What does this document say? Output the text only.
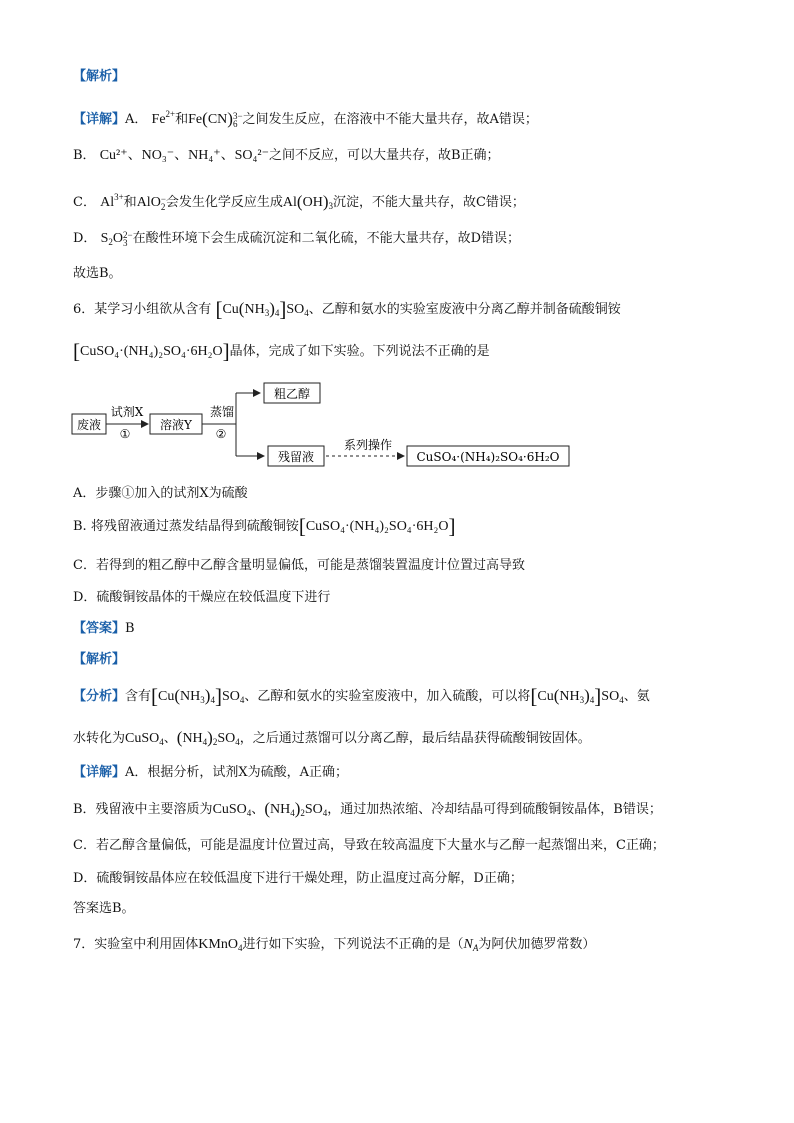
【解析】
【详解】A． $Fe^{2+}$和Fe(CN)3−
6 之间发生反应，在溶液中不能大量共存，故A错误；
B． Cu²⁺、NO₃⁻、NH₄⁺、SO₄²⁻之间不反应，可以大量共存，故B正确；
C． $Al^{3+}$和AlO−
2会发生化学反应生成$Al(OH)_3$沉淀，不能大量共存，故C错误；
D． $S_2O2-$
3 在酸性环境下会生成硫沉淀和二氧化硫，不能大量共存，故D错误；
故选B。
6．某学习小组欲从含有 $[Cu(NH_3)_4]SO_4$、乙醇和氨水的实验室废液中分离乙醇并制备硫酸铜铵
[CuSO₄·(NH₄)₂SO₄·6H₂O]晶体，完成了如下实验。下列说法不正确的是
废液
试剂X
①
溶液Y
蒸馏
②
粗乙醇
残留液
系列操作
CuSO₄·(NH₄)₂SO₄·6H₂O
A．步骤①加入的试剂X为硫酸
B. 将残留液通过蒸发结晶得到硫酸铜铵[CuSO₄·(NH₄)₂SO₄·6H₂O]
C．若得到的粗乙醇中乙醇含量明显偏低，可能是蒸馏装置温度计位置过高导致
D．硫酸铜铵晶体的干燥应在较低温度下进行
【答案】B
【解析】
【分析】含有$[Cu(NH_3)_4]SO_4$、乙醇和氨水的实验室废液中，加入硫酸，可以将$[Cu(NH_3)_4]SO_4$、氨
水转化为CuSO$_4$、$(NH_4)_2SO_4$，之后通过蒸馏可以分离乙醇，最后结晶获得硫酸铜铵固体。
【详解】A．根据分析，试剂X为硫酸，A正确；
B．残留液中主要溶质为CuSO$_4$、$(NH_4)_2SO_4$，通过加热浓缩、冷却结晶可得到硫酸铜铵晶体，B错误；
C．若乙醇含量偏低，可能是温度计位置过高，导致在较高温度下大量水与乙醇一起蒸馏出来，C正确；
D．硫酸铜铵晶体应在较低温度下进行干燥处理，防止温度过高分解，D正确；
答案选B。
7．实验室中利用固体KMnO$_4$进行如下实验，下列说法不正确的是（$N_A$为阿伏加德罗常数）
